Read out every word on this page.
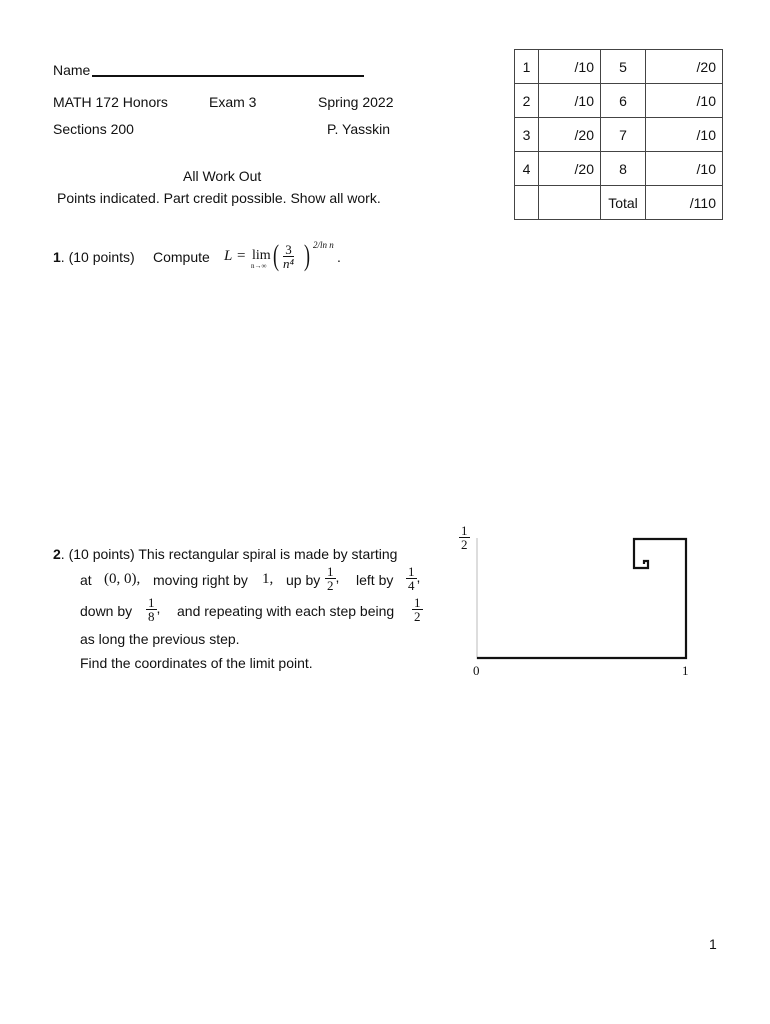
Name
MATH 172 Honors	Exam 3	Spring 2022
Sections 200	P. Yasskin
All Work Out
Points indicated. Part credit possible. Show all work.
1	/10	5	/20
2	/10	6	/10
3	/20	7	/10
4	/20	8	/10
		Total	/110
1. (10 points) Compute L = lim
n→∞ ( $\frac{3}{\text{n⁴}}$ ) 2/ln n
.
2. (10 points) This rectangular spiral is made by starting
at (0, 0), moving right by 1, up by $\frac{1}{2}$ , left by $\frac{1}{4}$ ,
down by $\frac{1}{8}$ , and repeating with each step being $\frac{1}{2}$
as long the previous step.
Find the coordinates of the limit point.
$\frac{1}{2}$
0	1
1
